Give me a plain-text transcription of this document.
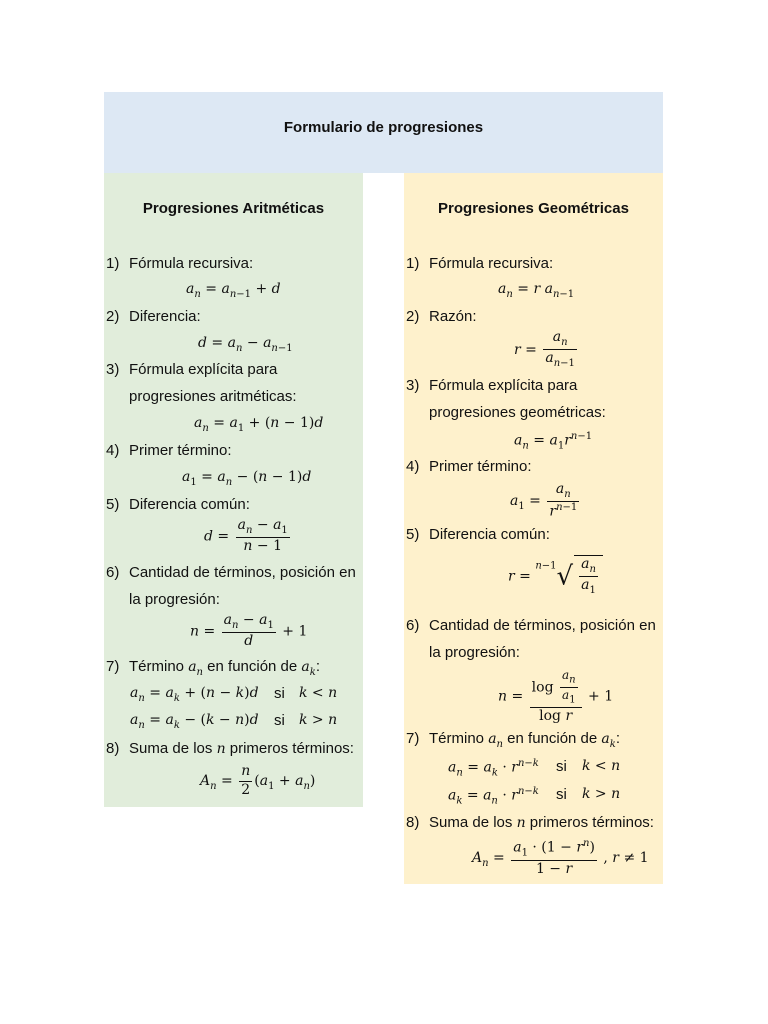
Formulario de progresiones
Progresiones Aritméticas
1) Fórmula recursiva:
$a_n = a_{n-1} + d$
2) Diferencia:
$d = a_n - a_{n-1}$
3) Fórmula explícita para
progresiones aritméticas:
$a_n = a_1 + (n - 1)d$
4) Primer término:
$a_1 = a_n - (n - 1)d$
5) Diferencia común:
$d = \frac{a_n - a_1}{n - 1}$
6) Cantidad de términos, posición en
la progresión:
$n = \frac{a_n - a_1}{d} + 1$
7) Término $a_n$ en función de $a_k$:
$a_n = a_k + (n - k)d$ si k < n
$a_n = a_k - (k - n)d$ si k > n
8) Suma de los n primeros términos:
$A_n = \frac{n}{2} (a_1 + a_n)$
Progresiones Geométricas
1) Fórmula recursiva:
$a_n = r$ $a_{n-1}$
2) Razón:
$r = \frac{a_n}{a_{n-1}}$
3) Fórmula explícita para
progresiones geométricas:
$a_n = a_1r^{n-1}$
4) Primer término:
$a_1 = \frac{a_n}{r^{n-1}}$
5) Diferencia común:
$r = ^{n-1}√ \frac{a_n}{a_1}$
6) Cantidad de términos, posición en
la progresión:
$n = \frac{\log \frac{a_n}{a_1}}{\text{log r}} + 1$
7) Término $a_n$ en función de $a_k$:
$a_n = a_k \cdot r^{n-k}$ si k < n
$a_k = a_n \cdot r^{n-k}$ si k > n
8) Suma de los n primeros términos:
$A_n = \frac{a_1 \cdot (1 - r^n)}{1 - r}$ , r ≠ 1
